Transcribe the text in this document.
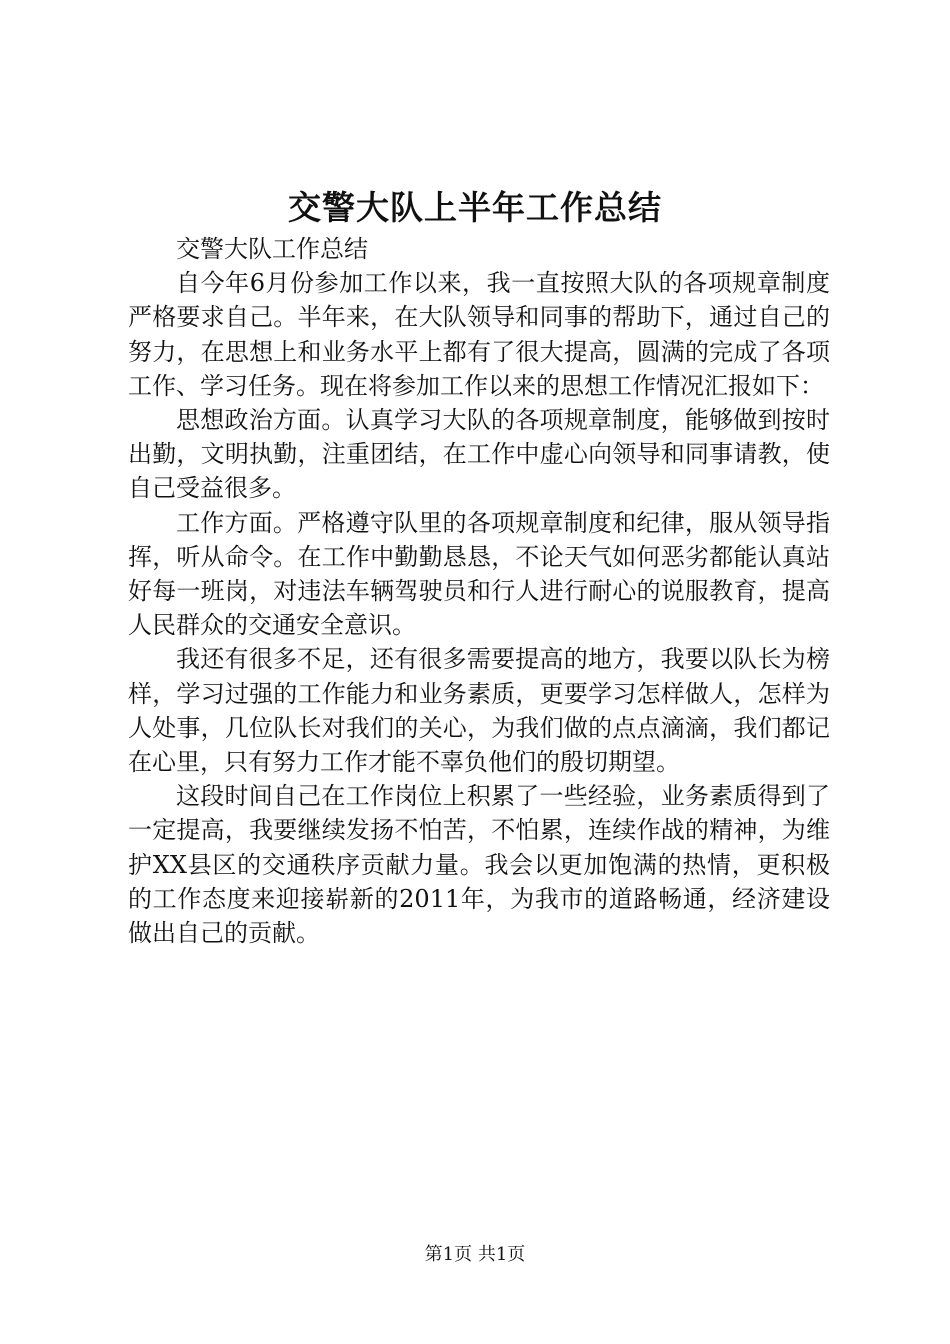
交警大队上半年工作总结

交警大队工作总结

自今年6月份参加工作以来，我一直按照大队的各项规章制度严格要求自己。半年来，在大队领导和同事的帮助下，通过自己的努力，在思想上和业务水平上都有了很大提高，圆满的完成了各项工作、学习任务。现在将参加工作以来的思想工作情况汇报如下：

思想政治方面。认真学习大队的各项规章制度，能够做到按时出勤，文明执勤，注重团结，在工作中虚心向领导和同事请教，使自己受益很多。

工作方面。严格遵守队里的各项规章制度和纪律，服从领导指挥，听从命令。在工作中勤勤恳恳，不论天气如何恶劣都能认真站好每一班岗，对违法车辆驾驶员和行人进行耐心的说服教育，提高人民群众的交通安全意识。

我还有很多不足，还有很多需要提高的地方，我要以队长为榜样，学习过强的工作能力和业务素质，更要学习怎样做人，怎样为人处事，几位队长对我们的关心，为我们做的点点滴滴，我们都记在心里，只有努力工作才能不辜负他们的殷切期望。

这段时间自己在工作岗位上积累了一些经验，业务素质得到了一定提高，我要继续发扬不怕苦，不怕累，连续作战的精神，为维护XX县区的交通秩序贡献力量。我会以更加饱满的热情，更积极的工作态度来迎接崭新的2011年，为我市的道路畅通，经济建设做出自己的贡献。

第1页 共1页
